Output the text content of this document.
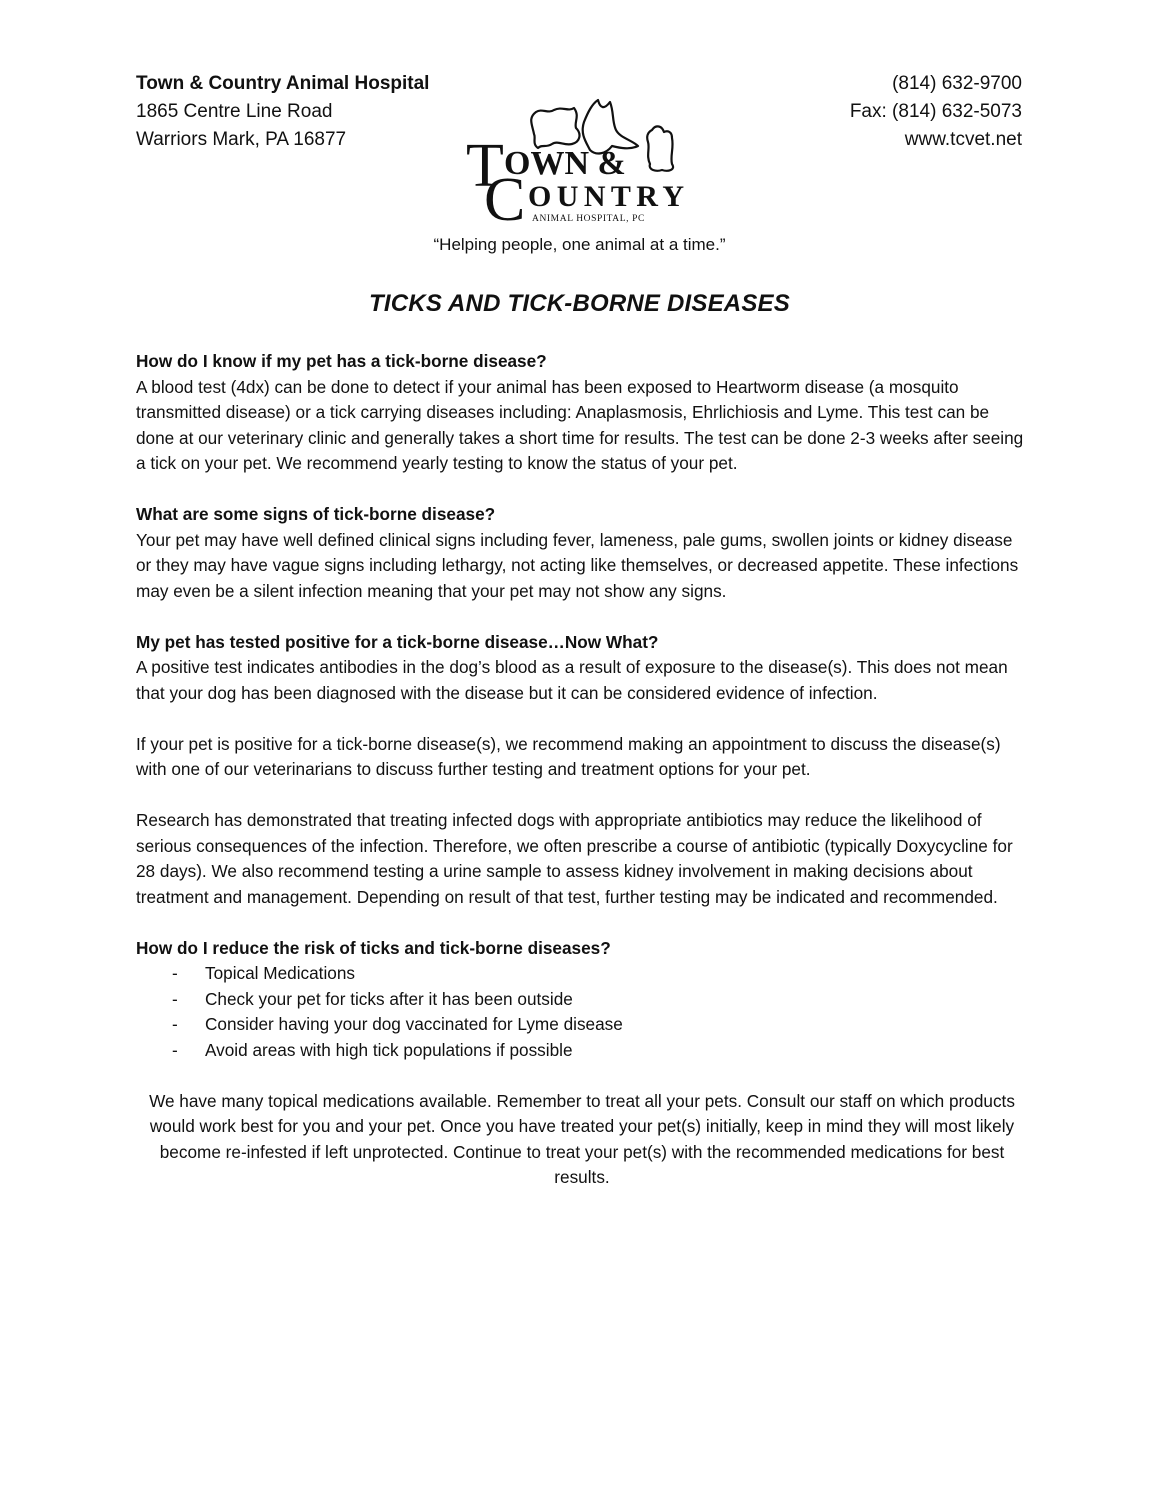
Town & Country Animal Hospital
1865 Centre Line Road
Warriors Mark, PA 16877
(814) 632-9700
Fax: (814) 632-5073
www.tcvet.net
T OWN &
C OUNTRY
ANIMAL HOSPITAL, PC
“Helping people, one animal at a time.”
TICKS AND TICK-BORNE DISEASES
How do I know if my pet has a tick-borne disease?

A blood test (4dx) can be done to detect if your animal has been exposed to Heartworm disease (a mosquito transmitted disease) or a tick carrying diseases including: Anaplasmosis, Ehrlichiosis and Lyme. This test can be done at our veterinary clinic and generally takes a short time for results. The test can be done 2-3 weeks after seeing a tick on your pet. We recommend yearly testing to know the status of your pet.

What are some signs of tick-borne disease?

Your pet may have well defined clinical signs including fever, lameness, pale gums, swollen joints or kidney disease or they may have vague signs including lethargy, not acting like themselves, or decreased appetite. These infections may even be a silent infection meaning that your pet may not show any signs.

My pet has tested positive for a tick-borne disease…Now What?

A positive test indicates antibodies in the dog’s blood as a result of exposure to the disease(s). This does not mean that your dog has been diagnosed with the disease but it can be considered evidence of infection.

If your pet is positive for a tick-borne disease(s), we recommend making an appointment to discuss the disease(s) with one of our veterinarians to discuss further testing and treatment options for your pet.

Research has demonstrated that treating infected dogs with appropriate antibiotics may reduce the likelihood of serious consequences of the infection. Therefore, we often prescribe a course of antibiotic (typically Doxycycline for 28 days). We also recommend testing a urine sample to assess kidney involvement in making decisions about treatment and management. Depending on result of that test, further testing may be indicated and recommended.

How do I reduce the risk of ticks and tick-borne diseases?
- Topical Medications
- Check your pet for ticks after it has been outside
- Consider having your dog vaccinated for Lyme disease
- Avoid areas with high tick populations if possible

We have many topical medications available. Remember to treat all your pets. Consult our staff on which products would work best for you and your pet. Once you have treated your pet(s) initially, keep in mind they will most likely become re-infested if left unprotected. Continue to treat your pet(s) with the recommended medications for best results.
